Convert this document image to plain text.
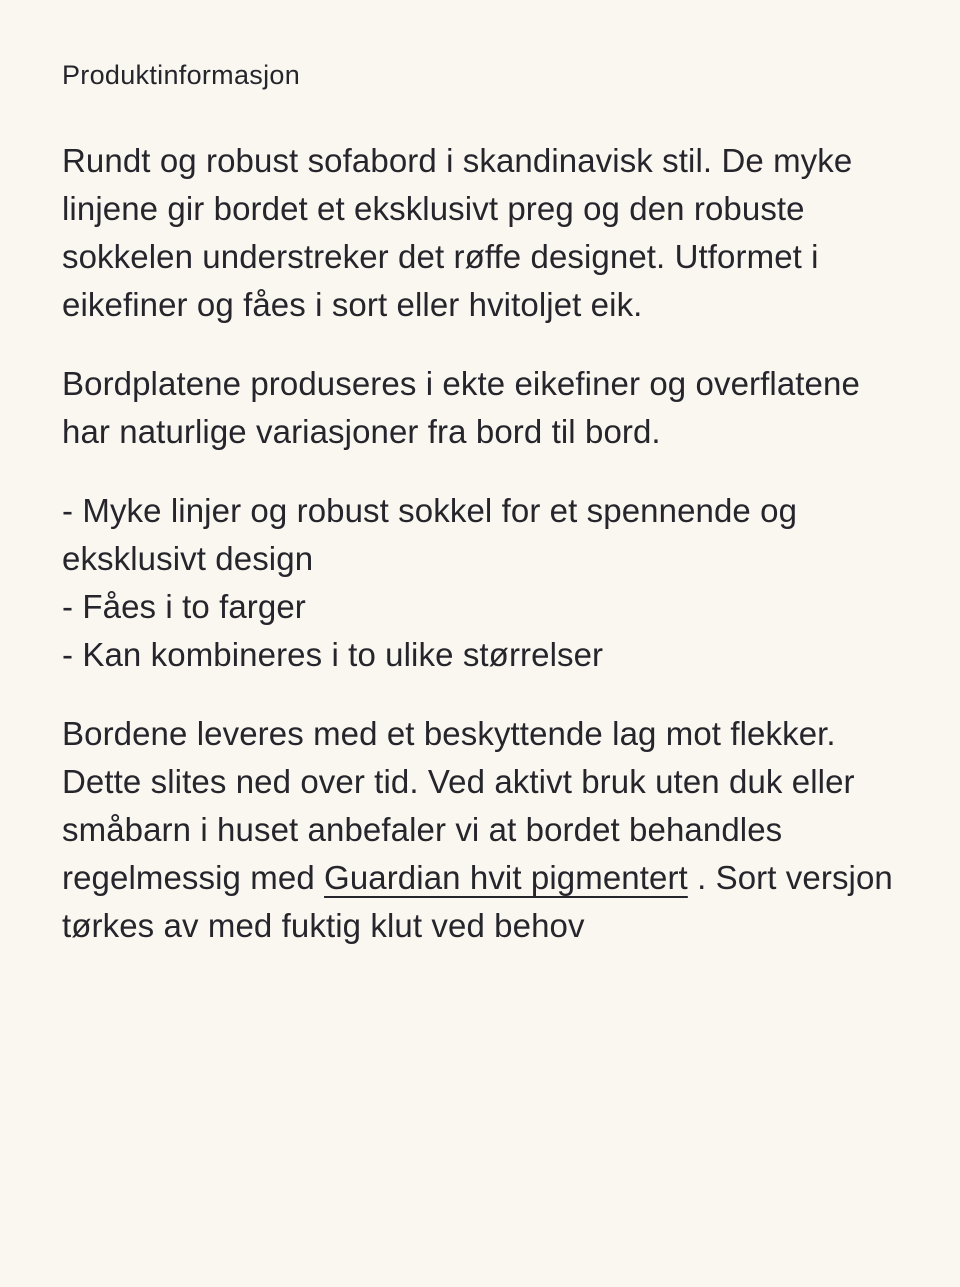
Produktinformasjon

Rundt og robust sofabord i skandinavisk stil. De myke linjene gir bordet et eksklusivt preg og den robuste sokkelen understreker det røffe designet. Utformet i eikefiner og fåes i sort eller hvitoljet eik.

Bordplatene produseres i ekte eikefiner og overflatene har naturlige variasjoner fra bord til bord.

- Myke linjer og robust sokkel for et spennende og eksklusivt design
- Fåes i to farger
- Kan kombineres i to ulike størrelser

Bordene leveres med et beskyttende lag mot flekker. Dette slites ned over tid. Ved aktivt bruk uten duk eller småbarn i huset anbefaler vi at bordet behandles regelmessig med Guardian hvit pigmentert . Sort versjon tørkes av med fuktig klut ved behov
